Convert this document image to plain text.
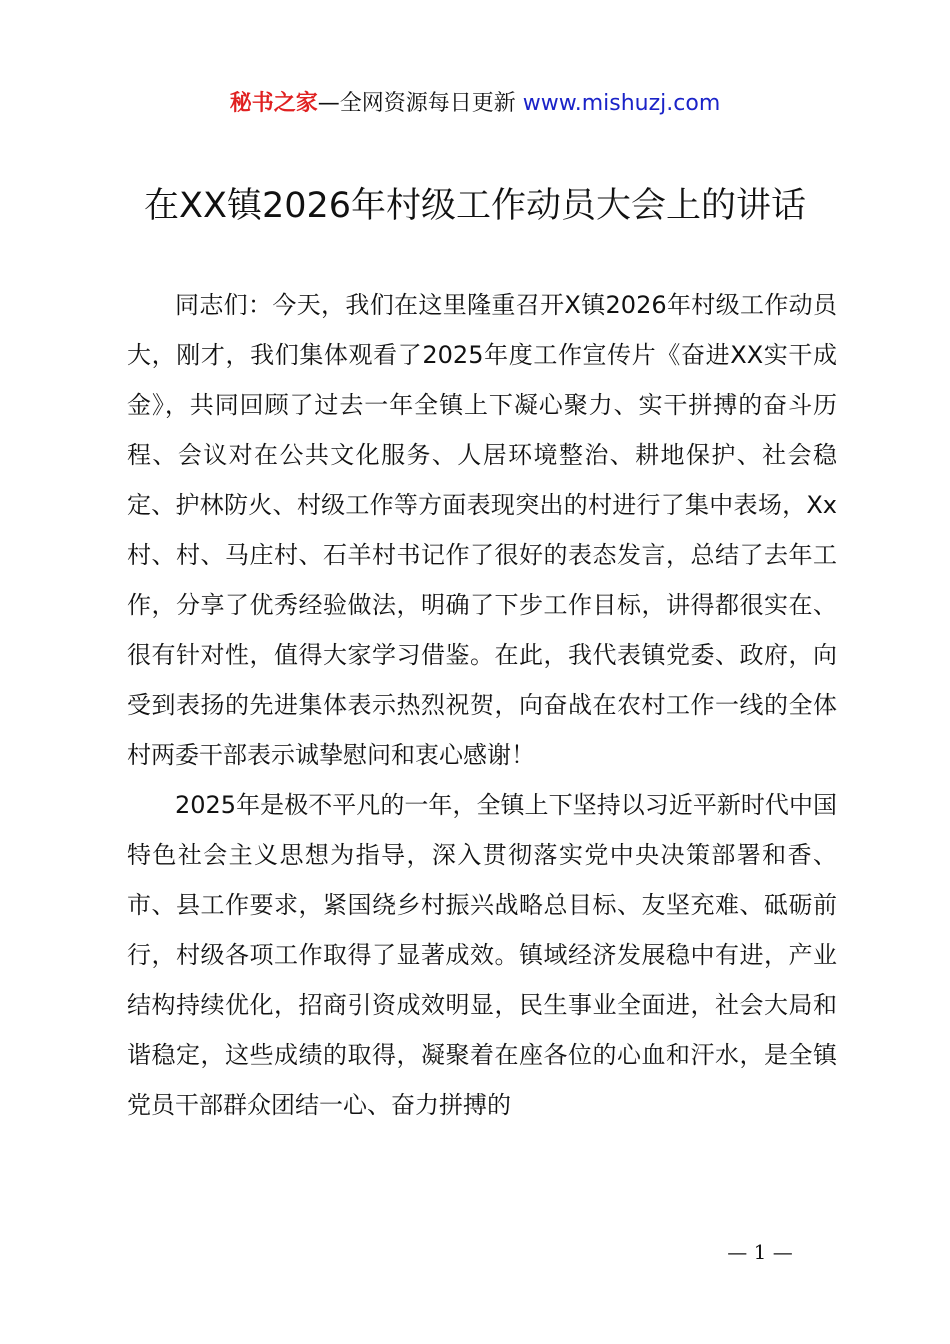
秘书之家—全网资源每日更新 www.mishuzj.com
在XX镇2026年村级工作动员大会上的讲话

同志们：今天，我们在这里隆重召开X镇2026年村级工作动员大，刚才，我们集体观看了2025年度工作宣传片《奋进XX实干成金》，共同回顾了过去一年全镇上下凝心聚力、实干拼搏的奋斗历程、会议对在公共文化服务、人居环境整治、耕地保护、社会稳定、护林防火、村级工作等方面表现突出的村进行了集中表场，Xx村、村、马庄村、石羊村书记作了很好的表态发言，总结了去年工作，分享了优秀经验做法，明确了下步工作目标，讲得都很实在、很有针对性，值得大家学习借鉴。在此，我代表镇党委、政府，向受到表扬的先进集体表示热烈祝贺，向奋战在农村工作一线的全体村两委干部表示诚挚慰问和衷心感谢！

2025年是极不平凡的一年，全镇上下坚持以习近平新时代中国特色社会主义思想为指导，深入贯彻落实党中央决策部署和香、市、县工作要求，紧国绕乡村振兴战略总目标、友坚充难、砥砺前行，村级各项工作取得了显著成效。镇域经济发展稳中有进，产业结构持续优化，招商引资成效明显，民生事业全面进，社会大局和谐稳定，这些成绩的取得，凝聚着在座各位的心血和汗水，是全镇党员干部群众团结一心、奋力拼搏的

— 1 —
